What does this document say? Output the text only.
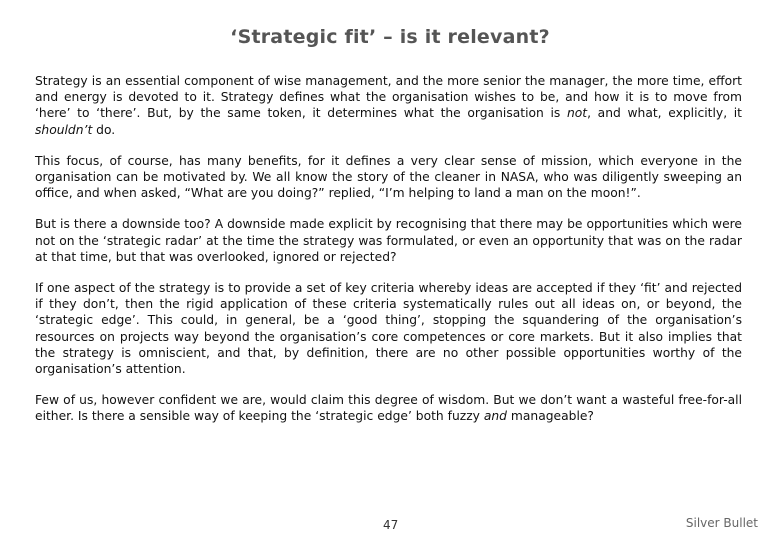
‘Strategic fit’ – is it relevant?

Strategy is an essential component of wise management, and the more senior the manager, the more time, effort and energy is devoted to it. Strategy defines what the organisation wishes to be, and how it is to move from ‘here’ to ‘there’. But, by the same token, it determines what the organisation is not, and what, explicitly, it shouldn’t do.

This focus, of course, has many benefits, for it defines a very clear sense of mission, which everyone in the organisation can be motivated by. We all know the story of the cleaner in NASA, who was diligently sweeping an office, and when asked, “What are you doing?” replied, “I’m helping to land a man on the moon!”.

But is there a downside too? A downside made explicit by recognising that there may be opportunities which were not on the ‘strategic radar’ at the time the strategy was formulated, or even an opportunity that was on the radar at that time, but that was overlooked, ignored or rejected?

If one aspect of the strategy is to provide a set of key criteria whereby ideas are accepted if they ‘fit’ and rejected if they don’t, then the rigid application of these criteria systematically rules out all ideas on, or beyond, the ‘strategic edge’. This could, in general, be a ‘good thing’, stopping the squandering of the organisation’s resources on projects way beyond the organisation’s core competences or core markets. But it also implies that the strategy is omniscient, and that, by definition, there are no other possible opportunities worthy of the organisation’s attention.

Few of us, however confident we are, would claim this degree of wisdom. But we don’t want a wasteful free-for-all either. Is there a sensible way of keeping the ‘strategic edge’ both fuzzy and manageable?

47	Silver Bullet
